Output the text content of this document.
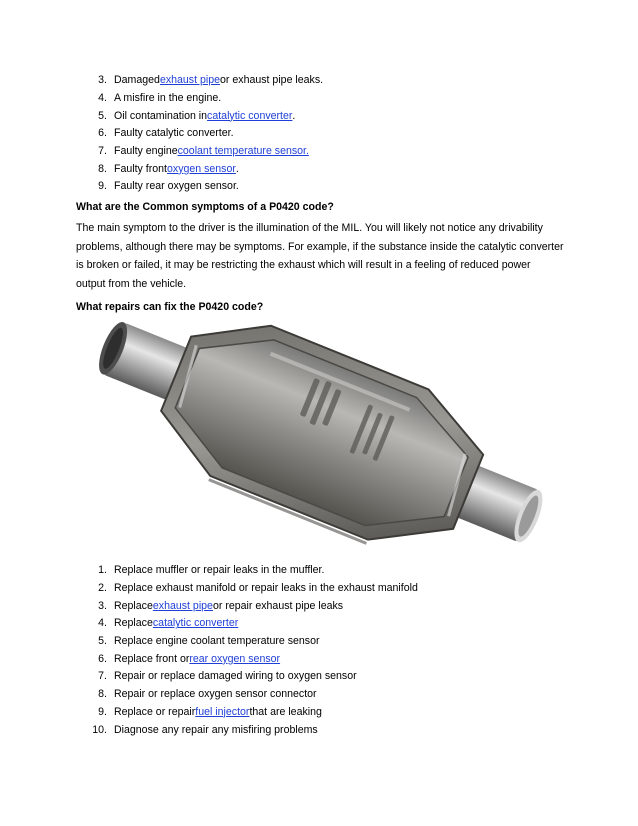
3. Damaged exhaust pipe or exhaust pipe leaks.
4. A misfire in the engine.
5. Oil contamination in catalytic converter .
6. Faulty catalytic converter.
7. Faulty engine coolant temperature sensor.
8. Faulty front oxygen sensor .
9. Faulty rear oxygen sensor.
What are the Common symptoms of a P0420 code?
The main symptom to the driver is the illumination of the MIL. You will likely not notice any drivability
problems, although there may be symptoms. For example, if the substance inside the catalytic converter
is broken or failed, it may be restricting the exhaust which will result in a feeling of reduced power
output from the vehicle.
What repairs can fix the P0420 code?
1. Replace muffler or repair leaks in the muffler.
2. Replace exhaust manifold or repair leaks in the exhaust manifold
3. Replace exhaust pipe or repair exhaust pipe leaks
4. Replace catalytic converter
5. Replace engine coolant temperature sensor
6. Replace front or rear oxygen sensor
7. Repair or replace damaged wiring to oxygen sensor
8. Repair or replace oxygen sensor connector
9. Replace or repair fuel injector that are leaking
10. Diagnose any repair any misfiring problems
